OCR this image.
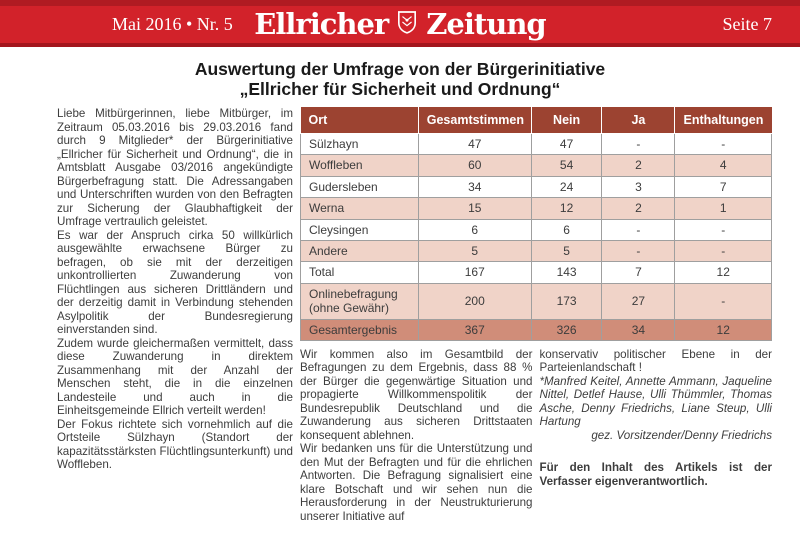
Mai 2016 • Nr. 5 Ellricher Zeitung	Seite 7
Auswertung der Umfrage von der Bürgerinitiative
„Ellricher für Sicherheit und Ordnung“

Liebe Mitbürgerinnen, liebe Mitbürger, im Zeitraum 05.03.2016 bis 29.03.2016 fand durch 9 Mitglieder* der Bürgerinitiative „Ellricher für Sicherheit und Ordnung“, die in Amtsblatt Ausgabe 03/2016 angekündigte Bürgerbefragung statt. Die Adressangaben und Unterschriften wurden von den Befragten zur Sicherung der Glaubhaftigkeit der Umfrage vertraulich geleistet.

Es war der Anspruch cirka 50 willkürlich ausgewählte erwachsene Bürger zu befragen, ob sie mit der derzeitigen unkontrollierten Zuwanderung von Flüchtlingen aus sicheren Drittländern und der derzeitig damit in Verbindung stehenden Asylpolitik der Bundesregierung einverstanden sind.

Zudem wurde gleichermaßen vermittelt, dass diese Zuwanderung in direktem Zusammenhang mit der Anzahl der Menschen steht, die in die einzelnen Landesteile und auch in die Einheitsgemeinde Ellrich verteilt werden!

Der Fokus richtete sich vornehmlich auf die Ortsteile Sülzhayn (Standort der kapazitätsstärksten Flüchtlingsunterkunft) und Woffleben.

Ort	Gesamtstimmen	Nein	Ja	Enthaltungen
Sülzhayn	47	47	-	-
Woffleben	60	54	2	4
Gudersleben	34	24	3	7
Werna	15	12	2	1
Cleysingen	6	6	-	-
Andere	5	5	-	-
Total	167	143	7	12
Onlinebefragung (ohne Gewähr)	200	173	27	-
Gesamtergebnis	367	326	34	12

Wir kommen also im Gesamtbild der Befragungen zu dem Ergebnis, dass 88 % der Bürger die gegenwärtige Situation und propagierte Willkommenspolitik der Bundesrepublik Deutschland und die Zuwanderung aus sicheren Drittstaaten konsequent ablehnen.

Wir bedanken uns für die Unterstützung und den Mut der Befragten und für die ehrlichen Antworten. Die Befragung signalisiert eine klare Botschaft und wir sehen nun die Herausforderung in der Neustrukturierung unserer Initiative auf

konservativ politischer Ebene in der Parteienlandschaft !

*Manfred Keitel, Annette Ammann, Jaqueline Nittel, Detlef Hause, Ulli Thümmler, Thomas Asche, Denny Friedrichs, Liane Steup, Ulli Hartung

gez. Vorsitzender/Denny Friedrichs

Für den Inhalt des Artikels ist der Verfasser eigenverantwortlich.
